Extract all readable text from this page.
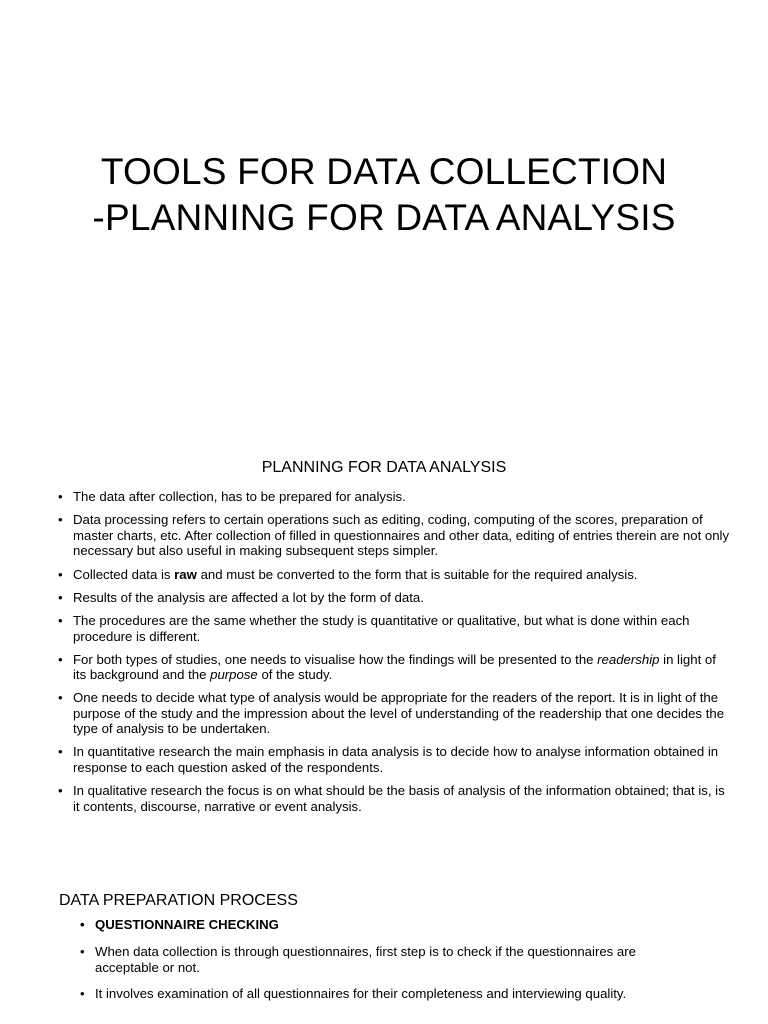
TOOLS FOR DATA COLLECTION
-PLANNING FOR DATA ANALYSIS
PLANNING FOR DATA ANALYSIS
• The data after collection, has to be prepared for analysis.
• Data processing refers to certain operations such as editing, coding, computing of the scores, preparation of master charts, etc. After collection of filled in questionnaires and other data, editing of entries therein are not only necessary but also useful in making subsequent steps simpler.
• Collected data is raw and must be converted to the form that is suitable for the required analysis.
• Results of the analysis are affected a lot by the form of data.
• The procedures are the same whether the study is quantitative or qualitative, but what is done within each procedure is different.
• For both types of studies, one needs to visualise how the findings will be presented to the readership in light of its background and the purpose of the study.
• One needs to decide what type of analysis would be appropriate for the readers of the report. It is in light of the purpose of the study and the impression about the level of understanding of the readership that one decides the type of analysis to be undertaken.
• In quantitative research the main emphasis in data analysis is to decide how to analyse information obtained in response to each question asked of the respondents.
• In qualitative research the focus is on what should be the basis of analysis of the information obtained; that is, is it contents, discourse, narrative or event analysis.
DATA PREPARATION PROCESS
• QUESTIONNAIRE CHECKING
• When data collection is through questionnaires, first step is to check if the questionnaires are acceptable or not.
• It involves examination of all questionnaires for their completeness and interviewing quality.
